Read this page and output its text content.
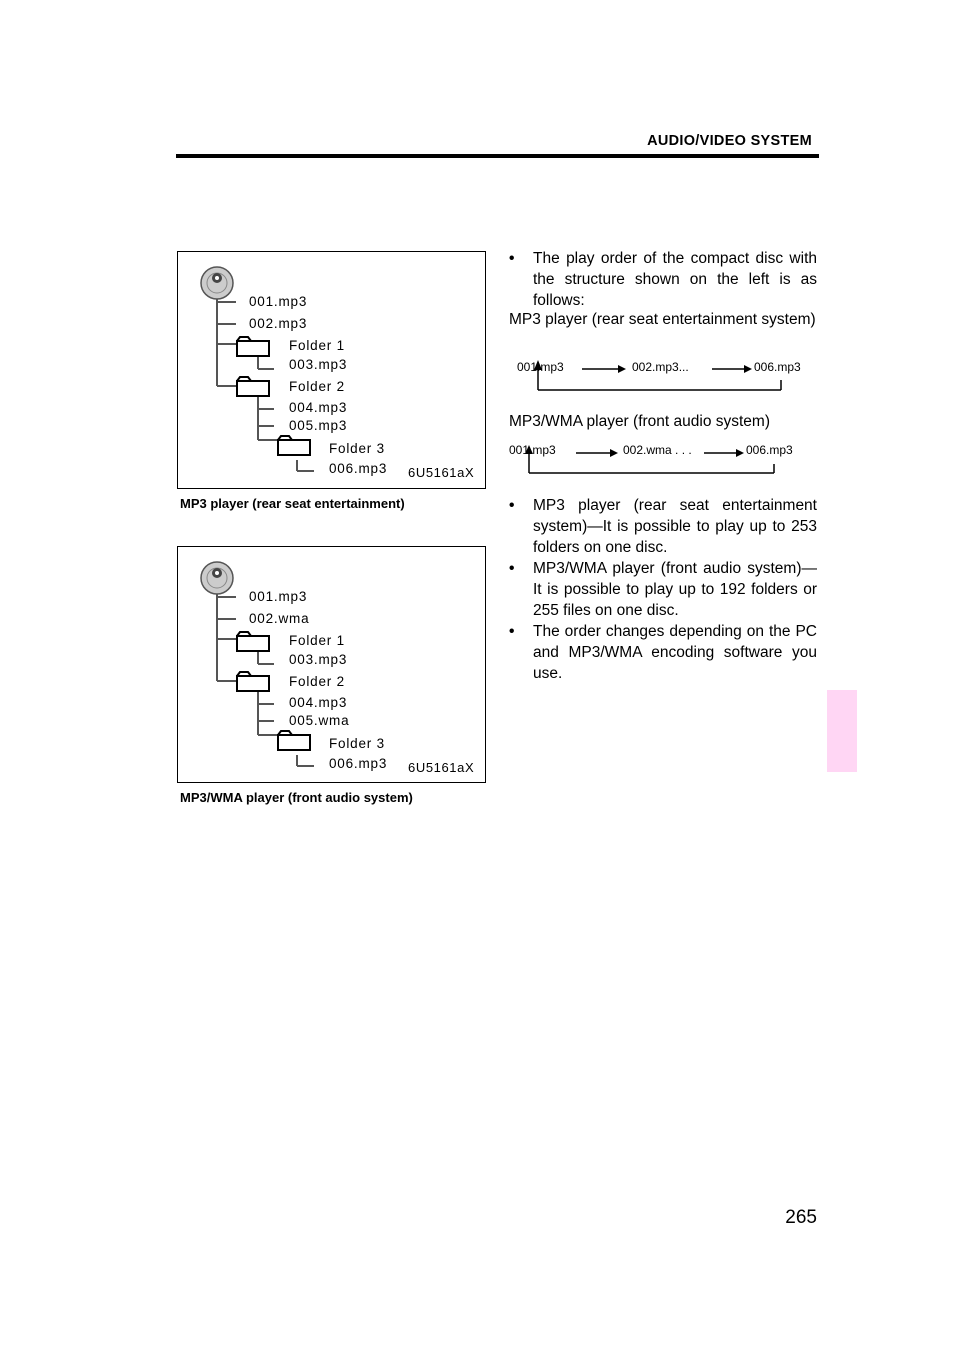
AUDIO/VIDEO SYSTEM
001.mp3
002.mp3
Folder 1
003.mp3
Folder 2
004.mp3
005.mp3
Folder 3
006.mp3 6U5161aX
MP3 player (rear seat entertainment)
001.mp3
002.wma
Folder 1
003.mp3
Folder 2
004.mp3
005.wma
Folder 3
006.mp3 6U5161aX
MP3/WMA player (front audio system)
•	The play order of the compact disc with the structure shown on the left is as follows:
MP3 player (rear seat entertainment system)
001.mp3	002.mp3...	006.mp3
MP3/WMA player (front audio system)
001.mp3	002.wma . . .	006.mp3
•	MP3 player (rear seat entertainment system)—It is possible to play up to 253 folders on one disc.
•	MP3/WMA player (front audio system)—It is possible to play up to 192 folders or 255 files on one disc.
•	The order changes depending on the PC and MP3/WMA encoding software you use.
265
